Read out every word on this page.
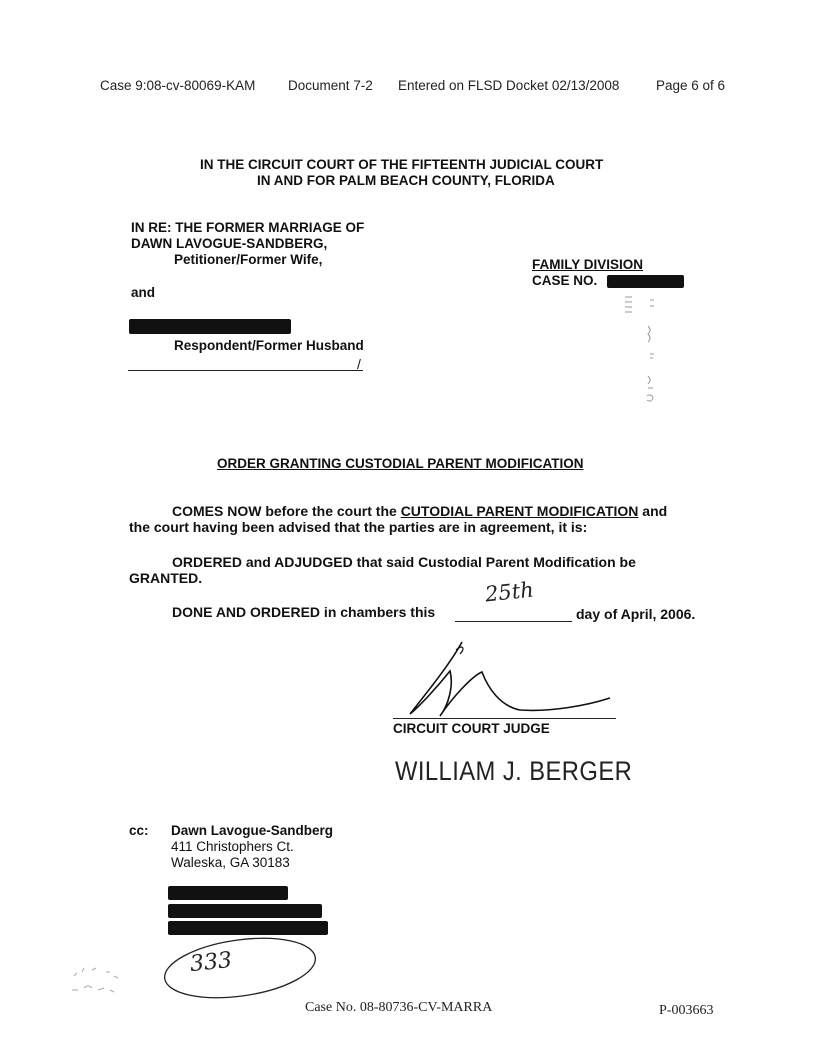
Case 9:08-cv-80069-KAM Document 7-2 Entered on FLSD Docket 02/13/2008	Page 6 of 6
IN THE CIRCUIT COURT OF THE FIFTEENTH JUDICIAL COURT
IN AND FOR PALM BEACH COUNTY, FLORIDA
IN RE: THE FORMER MARRIAGE OF
DAWN LAVOGUE-SANDBERG,
Petitioner/Former Wife,
and
Respondent/Former Husband
/
FAMILY DIVISION
CASE NO.
ORDER GRANTING CUSTODIAL PARENT MODIFICATION
COMES NOW before the court the CUTODIAL PARENT MODIFICATION and
the court having been advised that the parties are in agreement, it is:
ORDERED and ADJUDGED that said Custodial Parent Modification be
GRANTED.
DONE AND ORDERED in chambers this
25th
day of April, 2006.
CIRCUIT COURT JUDGE
WILLIAM J. BERGER
cc: Dawn Lavogue-Sandberg
411 Christophers Ct.
Waleska, GA 30183
333
Case No. 08-80736-CV-MARRA	P-003663
